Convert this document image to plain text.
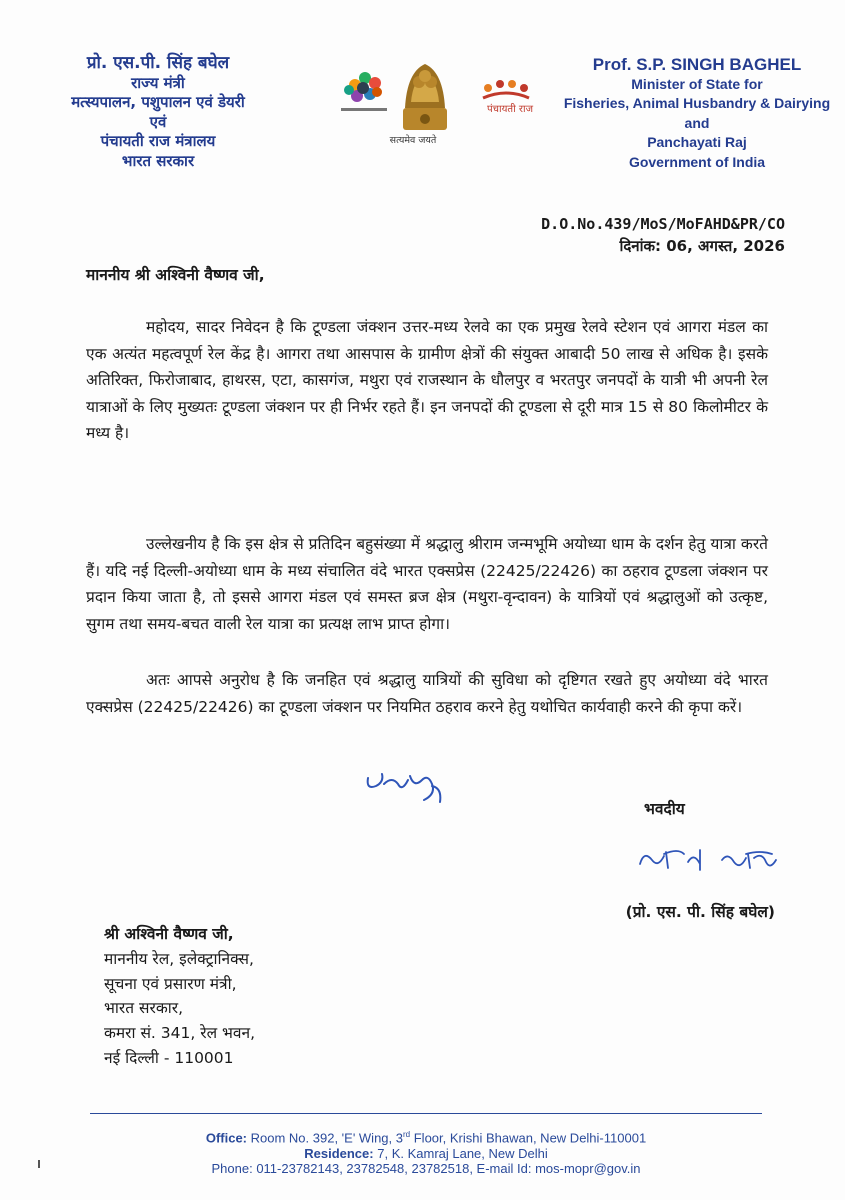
प्रो. एस.पी. सिंह बघेल
राज्य मंत्री
मत्स्यपालन, पशुपालन एवं डेयरी
एवं
पंचायती राज मंत्रालय
भारत सरकार
सत्यमेव जयते
पंचायती राज
Prof. S.P. SINGH BAGHEL
Minister of State for
Fisheries, Animal Husbandry & Dairying
and
Panchayati Raj
Government of India
D.O.No.439/MoS/MoFAHD&PR/CO
दिनांक: 06, अगस्त, 2026
माननीय श्री अश्विनी वैष्णव जी,
महोदय, सादर निवेदन है कि टूण्डला जंक्शन उत्तर-मध्य रेलवे का एक प्रमुख रेलवे स्टेशन एवं आगरा मंडल का एक अत्यंत महत्वपूर्ण रेल केंद्र है। आगरा तथा आसपास के ग्रामीण क्षेत्रों की संयुक्त आबादी 50 लाख से अधिक है। इसके अतिरिक्त, फिरोजाबाद, हाथरस, एटा, कासगंज, मथुरा एवं राजस्थान के धौलपुर व भरतपुर जनपदों के यात्री भी अपनी रेल यात्राओं के लिए मुख्यतः टूण्डला जंक्शन पर ही निर्भर रहते हैं। इन जनपदों की टूण्डला से दूरी मात्र 15 से 80 किलोमीटर के मध्य है।
उल्लेखनीय है कि इस क्षेत्र से प्रतिदिन बहुसंख्या में श्रद्धालु श्रीराम जन्मभूमि अयोध्या धाम के दर्शन हेतु यात्रा करते हैं। यदि नई दिल्ली-अयोध्या धाम के मध्य संचालित वंदे भारत एक्सप्रेस (22425/22426) का ठहराव टूण्डला जंक्शन पर प्रदान किया जाता है, तो इससे आगरा मंडल एवं समस्त ब्रज क्षेत्र (मथुरा-वृन्दावन) के यात्रियों एवं श्रद्धालुओं को उत्कृष्ट, सुगम तथा समय-बचत वाली रेल यात्रा का प्रत्यक्ष लाभ प्राप्त होगा।
अतः आपसे अनुरोध है कि जनहित एवं श्रद्धालु यात्रियों की सुविधा को दृष्टिगत रखते हुए अयोध्या वंदे भारत एक्सप्रेस (22425/22426) का टूण्डला जंक्शन पर नियमित ठहराव करने हेतु यथोचित कार्यवाही करने की कृपा करें।
भवदीय
(प्रो. एस. पी. सिंह बघेल)
श्री अश्विनी वैष्णव जी,
माननीय रेल, इलेक्ट्रानिक्स,
सूचना एवं प्रसारण मंत्री,
भारत सरकार,
कमरा सं. 341, रेल भवन,
नई दिल्ली - 110001
Office: Room No. 392, 'E' Wing, 3rd Floor, Krishi Bhawan, New Delhi-110001
Residence: 7, K. Kamraj Lane, New Delhi
Phone: 011-23782143, 23782548, 23782518, E-mail Id: mos-mopr@gov.in
